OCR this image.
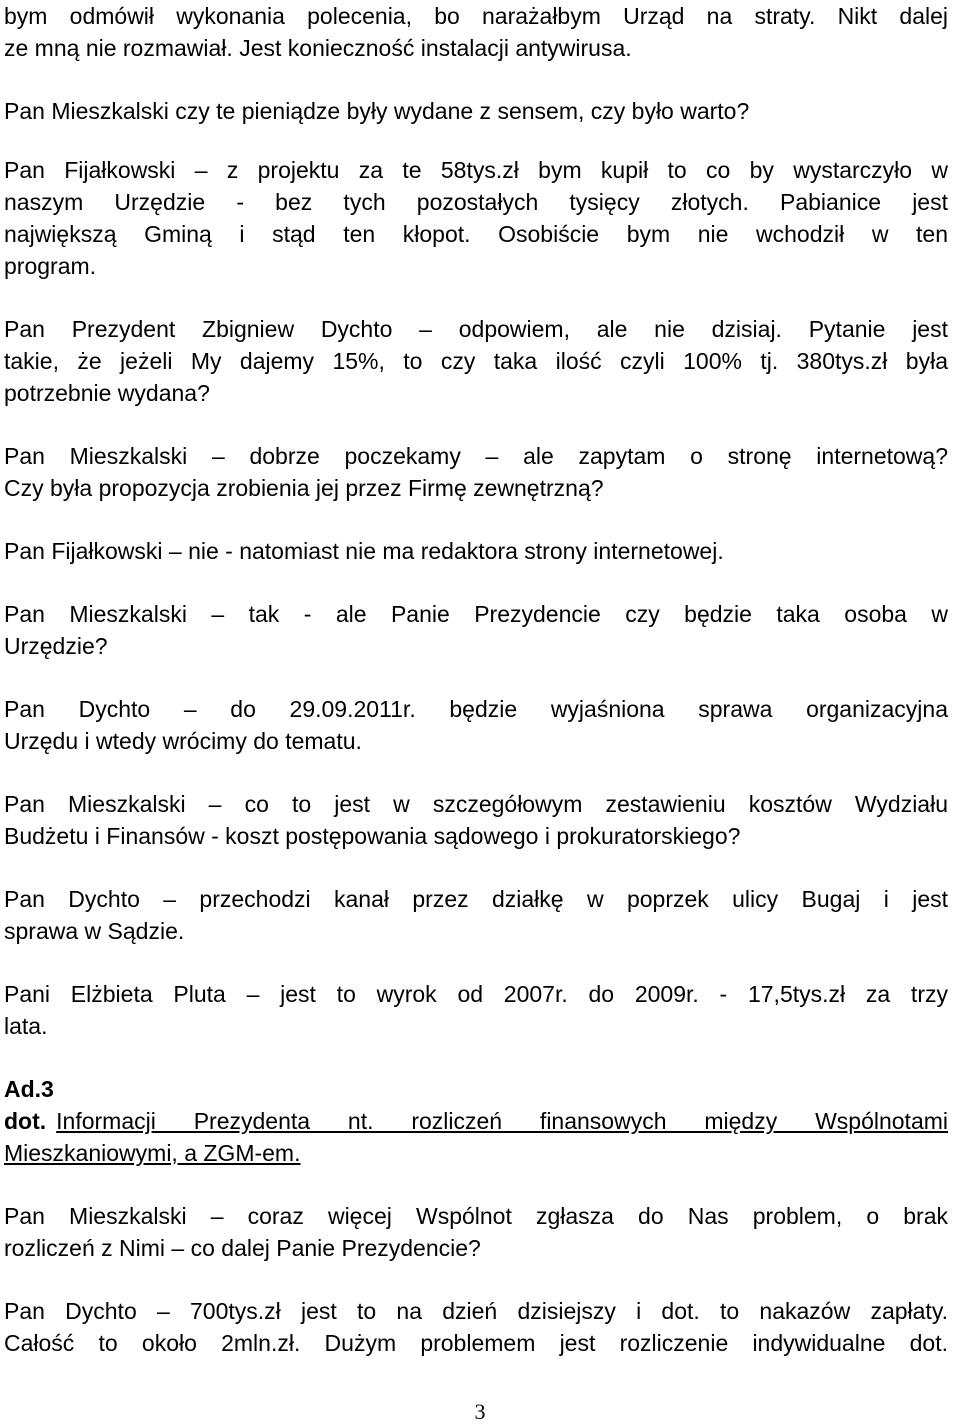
bym odmówił wykonania polecenia, bo narażałbym Urząd na straty. Nikt dalej
ze mną nie rozmawiał. Jest konieczność instalacji antywirusa.
Pan Mieszkalski czy te pieniądze były wydane z sensem, czy było warto?
Pan Fijałkowski – z projektu za te 58tys.zł bym kupił to co by wystarczyło w
naszym Urzędzie - bez tych pozostałych tysięcy złotych. Pabianice jest
największą Gminą i stąd ten kłopot. Osobiście bym nie wchodził w ten
program.
Pan Prezydent Zbigniew Dychto – odpowiem, ale nie dzisiaj. Pytanie jest
takie, że jeżeli My dajemy 15%, to czy taka ilość czyli 100% tj. 380tys.zł była
potrzebnie wydana?
Pan Mieszkalski – dobrze poczekamy – ale zapytam o stronę internetową?
Czy była propozycja zrobienia jej przez Firmę zewnętrzną?
Pan Fijałkowski – nie - natomiast nie ma redaktora strony internetowej.
Pan Mieszkalski – tak - ale Panie Prezydencie czy będzie taka osoba w
Urzędzie?
Pan Dychto – do 29.09.2011r. będzie wyjaśniona sprawa organizacyjna
Urzędu i wtedy wrócimy do tematu.
Pan Mieszkalski – co to jest w szczegółowym zestawieniu kosztów Wydziału
Budżetu i Finansów - koszt postępowania sądowego i prokuratorskiego?
Pan Dychto – przechodzi kanał przez działkę w poprzek ulicy Bugaj i jest
sprawa w Sądzie.
Pani Elżbieta Pluta – jest to wyrok od 2007r. do 2009r. - 17,5tys.zł za trzy
lata.
Ad.3
dot. Informacji Prezydenta nt. rozliczeń finansowych między Wspólnotami
Mieszkaniowymi, a ZGM-em.
Pan Mieszkalski – coraz więcej Wspólnot zgłasza do Nas problem, o brak
rozliczeń z Nimi – co dalej Panie Prezydencie?
Pan Dychto – 700tys.zł jest to na dzień dzisiejszy i dot. to nakazów zapłaty.
Całość to około 2mln.zł. Dużym problemem jest rozliczenie indywidualne dot.
3
